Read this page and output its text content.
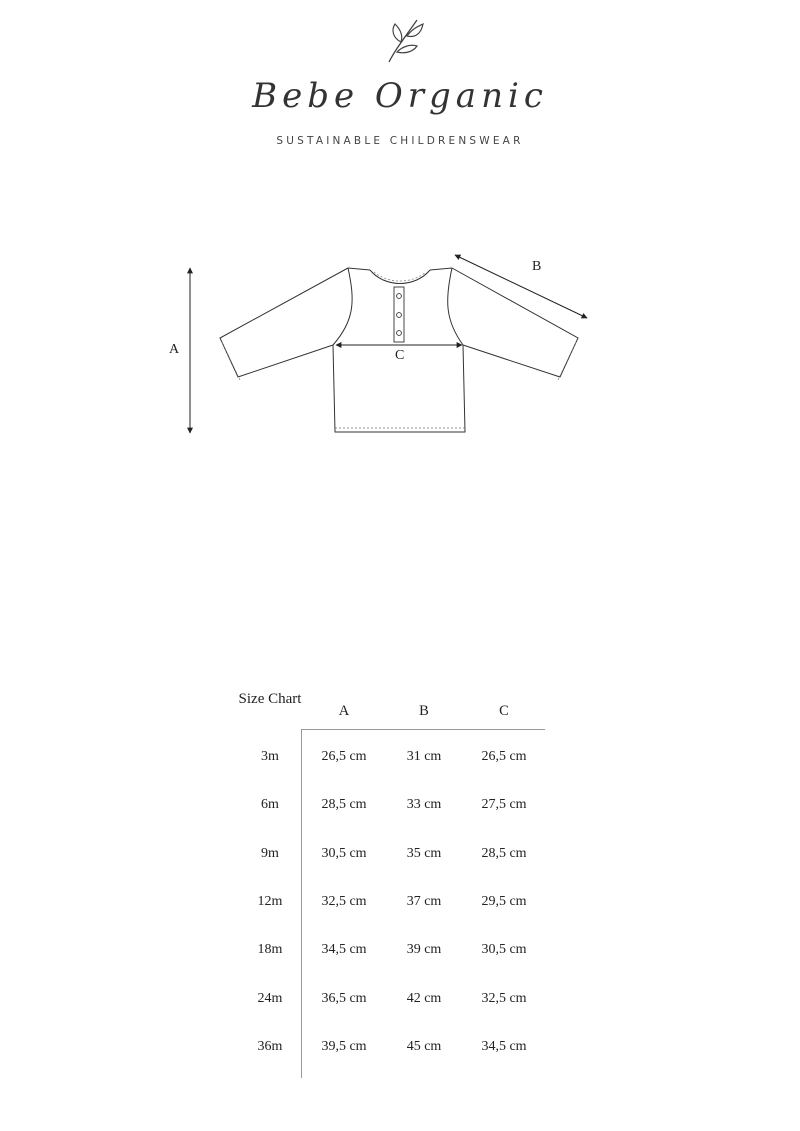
Bebe Organic
SUSTAINABLE CHILDRENSWEAR
A
B
C
Size Chart
A	B	C
3m	26,5 cm	31 cm	26,5 cm
6m	28,5 cm	33 cm	27,5 cm
9m	30,5 cm	35 cm	28,5 cm
12m	32,5 cm	37 cm	29,5 cm
18m	34,5 cm	39 cm	30,5 cm
24m	36,5 cm	42 cm	32,5 cm
36m	39,5 cm	45 cm	34,5 cm
